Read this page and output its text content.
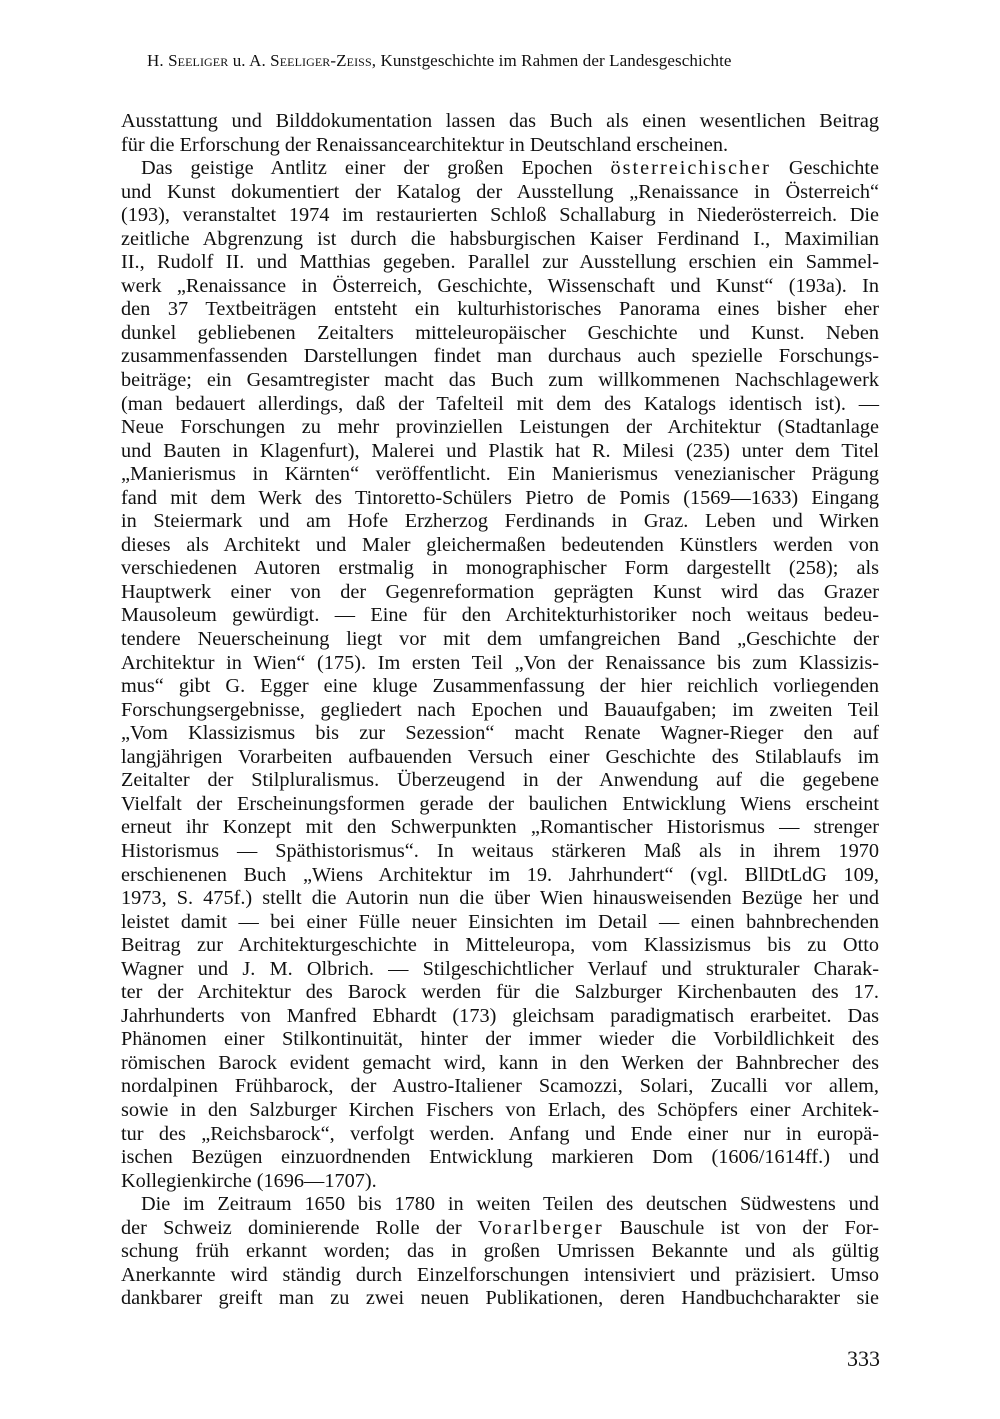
H. Seeliger u. A. Seeliger-Zeiss, Kunstgeschichte im Rahmen der Landesgeschichte

Ausstattung und Bilddokumentation lassen das Buch als einen wesentlichen Beitrag

für die Erforschung der Renaissancearchitektur in Deutschland erscheinen.

Das geistige Antlitz einer der großen Epochen österreichischer Geschichte

und Kunst dokumentiert der Katalog der Ausstellung „Renaissance in Österreich“

(193), veranstaltet 1974 im restaurierten Schloß Schallaburg in Niederösterreich. Die

zeitliche Abgrenzung ist durch die habsburgischen Kaiser Ferdinand I., Maximilian

II., Rudolf II. und Matthias gegeben. Parallel zur Ausstellung erschien ein Sammel-

werk „Renaissance in Österreich, Geschichte, Wissenschaft und Kunst“ (193a). In

den 37 Textbeiträgen entsteht ein kulturhistorisches Panorama eines bisher eher

dunkel gebliebenen Zeitalters mitteleuropäischer Geschichte und Kunst. Neben

zusammenfassenden Darstellungen findet man durchaus auch spezielle Forschungs-

beiträge; ein Gesamtregister macht das Buch zum willkommenen Nachschlagewerk

(man bedauert allerdings, daß der Tafelteil mit dem des Katalogs identisch ist). —

Neue Forschungen zu mehr provinziellen Leistungen der Architektur (Stadtanlage

und Bauten in Klagenfurt), Malerei und Plastik hat R. Milesi (235) unter dem Titel

„Manierismus in Kärnten“ veröffentlicht. Ein Manierismus venezianischer Prägung

fand mit dem Werk des Tintoretto-Schülers Pietro de Pomis (1569—1633) Eingang

in Steiermark und am Hofe Erzherzog Ferdinands in Graz. Leben und Wirken

dieses als Architekt und Maler gleichermaßen bedeutenden Künstlers werden von

verschiedenen Autoren erstmalig in monographischer Form dargestellt (258); als

Hauptwerk einer von der Gegenreformation geprägten Kunst wird das Grazer

Mausoleum gewürdigt. — Eine für den Architekturhistoriker noch weitaus bedeu-

tendere Neuerscheinung liegt vor mit dem umfangreichen Band „Geschichte der

Architektur in Wien“ (175). Im ersten Teil „Von der Renaissance bis zum Klassizis-

mus“ gibt G. Egger eine kluge Zusammenfassung der hier reichlich vorliegenden

Forschungsergebnisse, gegliedert nach Epochen und Bauaufgaben; im zweiten Teil

„Vom Klassizismus bis zur Sezession“ macht Renate Wagner-Rieger den auf

langjährigen Vorarbeiten aufbauenden Versuch einer Geschichte des Stilablaufs im

Zeitalter der Stilpluralismus. Überzeugend in der Anwendung auf die gegebene

Vielfalt der Erscheinungsformen gerade der baulichen Entwicklung Wiens erscheint

erneut ihr Konzept mit den Schwerpunkten „Romantischer Historismus — strenger

Historismus — Späthistorismus“. In weitaus stärkeren Maß als in ihrem 1970

erschienenen Buch „Wiens Architektur im 19. Jahrhundert“ (vgl. BllDtLdG 109,

1973, S. 475f.) stellt die Autorin nun die über Wien hinausweisenden Bezüge her und

leistet damit — bei einer Fülle neuer Einsichten im Detail — einen bahnbrechenden

Beitrag zur Architekturgeschichte in Mitteleuropa, vom Klassizismus bis zu Otto

Wagner und J. M. Olbrich. — Stilgeschichtlicher Verlauf und strukturaler Charak-

ter der Architektur des Barock werden für die Salzburger Kirchenbauten des 17.

Jahrhunderts von Manfred Ebhardt (173) gleichsam paradigmatisch erarbeitet. Das

Phänomen einer Stilkontinuität, hinter der immer wieder die Vorbildlichkeit des

römischen Barock evident gemacht wird, kann in den Werken der Bahnbrecher des

nordalpinen Frühbarock, der Austro-Italiener Scamozzi, Solari, Zucalli vor allem,

sowie in den Salzburger Kirchen Fischers von Erlach, des Schöpfers einer Architek-

tur des „Reichsbarock“, verfolgt werden. Anfang und Ende einer nur in europä-

ischen Bezügen einzuordnenden Entwicklung markieren Dom (1606/1614ff.) und

Kollegienkirche (1696—1707).

Die im Zeitraum 1650 bis 1780 in weiten Teilen des deutschen Südwestens und

der Schweiz dominierende Rolle der Vorarlberger Bauschule ist von der For-

schung früh erkannt worden; das in großen Umrissen Bekannte und als gültig

Anerkannte wird ständig durch Einzelforschungen intensiviert und präzisiert. Umso

dankbarer greift man zu zwei neuen Publikationen, deren Handbuchcharakter sie

333
